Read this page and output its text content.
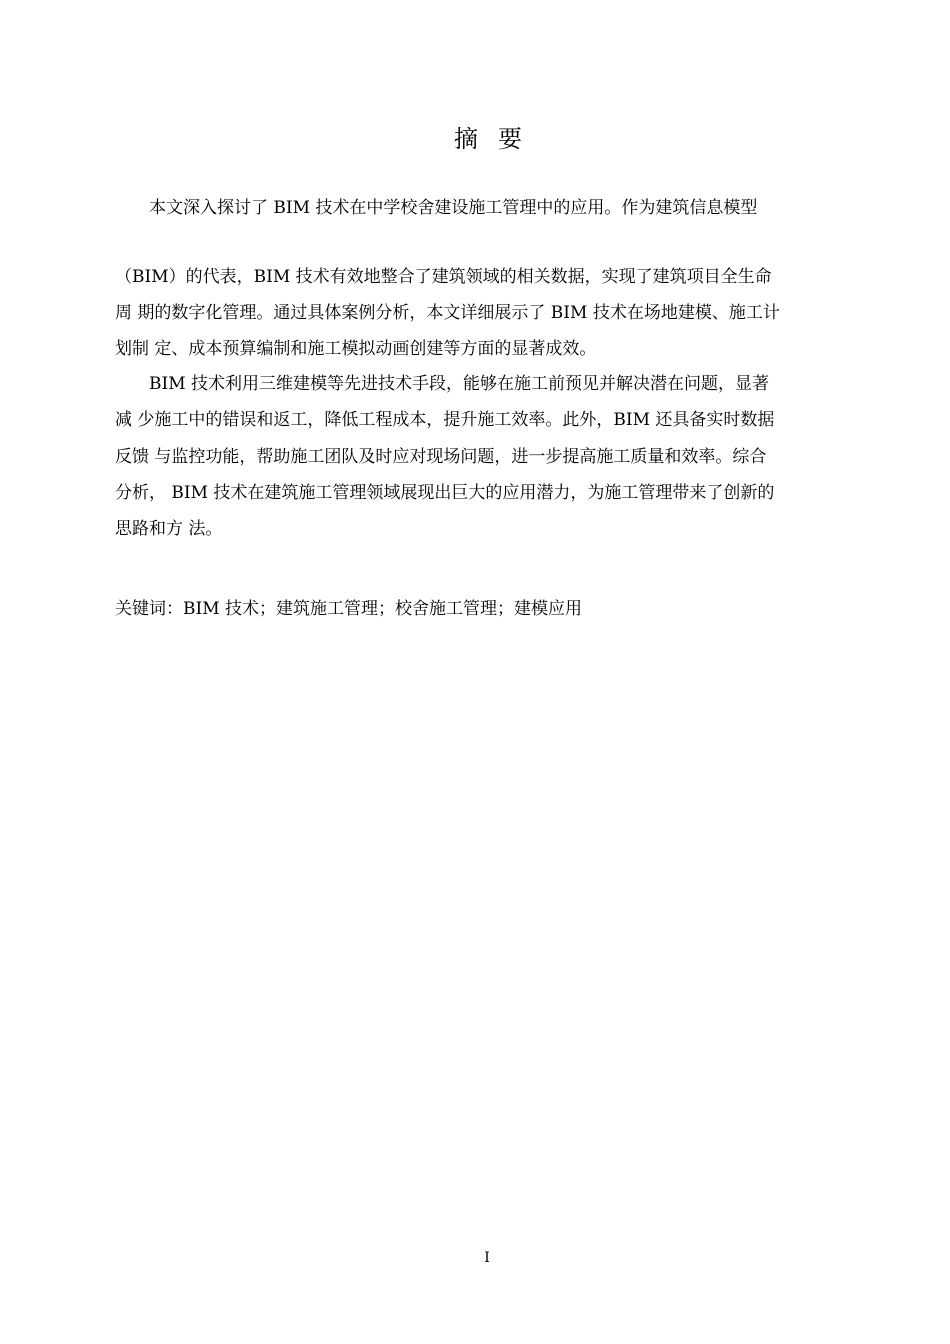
摘 要
　　本文深入探讨了 BIM 技术在中学校舍建设施工管理中的应用。作为建筑信息模型
（BIM）的代表，BIM 技术有效地整合了建筑领域的相关数据，实现了建筑项目全生命
周 期的数字化管理。通过具体案例分析，本文详细展示了 BIM 技术在场地建模、施工计
划制 定、成本预算编制和施工模拟动画创建等方面的显著成效。
　　BIM 技术利用三维建模等先进技术手段，能够在施工前预见并解决潜在问题，显著
减 少施工中的错误和返工，降低工程成本，提升施工效率。此外，BIM 还具备实时数据
反馈 与监控功能，帮助施工团队及时应对现场问题，进一步提高施工质量和效率。综合
分析， BIM 技术在建筑施工管理领域展现出巨大的应用潜力，为施工管理带来了创新的
思路和方 法。
关键词：BIM 技术；建筑施工管理；校舍施工管理；建模应用
I
